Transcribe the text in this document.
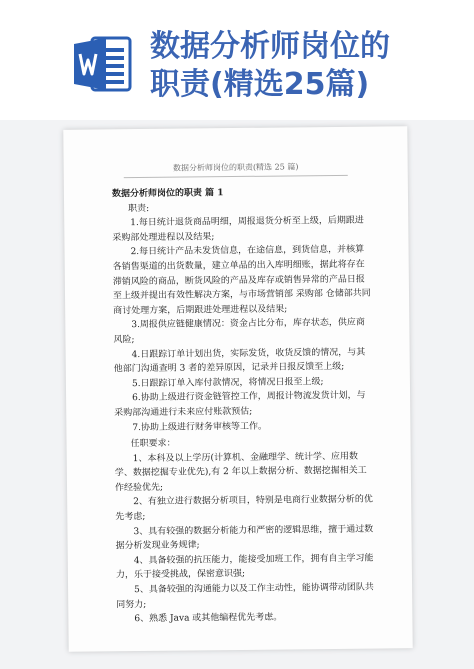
数据分析师岗位的
职责(精选25篇)
数据分析师岗位的职责(精选 25 篇)

数据分析师岗位的职责 篇 1

职责:

1.每日统计退货商品明细，周报退货分析至上级，后期跟进采购部处理进程以及结果;

2.每日统计产品未发货信息，在途信息，到货信息，并核算各销售渠道的出货数量，建立单品的出入库明细账，据此将存在滞销风险的商品，断货风险的产品及库存或销售异常的产品日报至上级并提出有效性解决方案，与市场营销部 采购部 仓储部共同商讨处理方案，后期跟进处理进程以及结果;

3.周报供应链健康情况：资金占比分布，库存状态，供应商风险;

4.日跟踪订单计划出货，实际发货，收货反馈的情况，与其他部门沟通查明 3 者的差异原因，记录并日报反馈至上级;

5.日跟踪订单入库付款情况，将情况日报至上级;

6.协助上级进行资金链管控工作，周报计物流发货计划，与采购部沟通进行未来应付账款预估;

7.协助上级进行财务审核等工作。

任职要求：

1、本科及以上学历(计算机、金融理学、统计学、应用数学、数据挖掘专业优先),有 2 年以上数据分析、数据挖掘相关工作经验优先;

2、有独立进行数据分析项目，特别是电商行业数据分析的优先考虑;

3、具有较强的数据分析能力和严密的逻辑思维，擅于通过数据分析发现业务规律;

4、具备较强的抗压能力，能接受加班工作，拥有自主学习能力，乐于接受挑战，保密意识强;

5、具备较强的沟通能力以及工作主动性，能协调带动团队共同努力;

6、熟悉 Java 或其他编程优先考虑。
